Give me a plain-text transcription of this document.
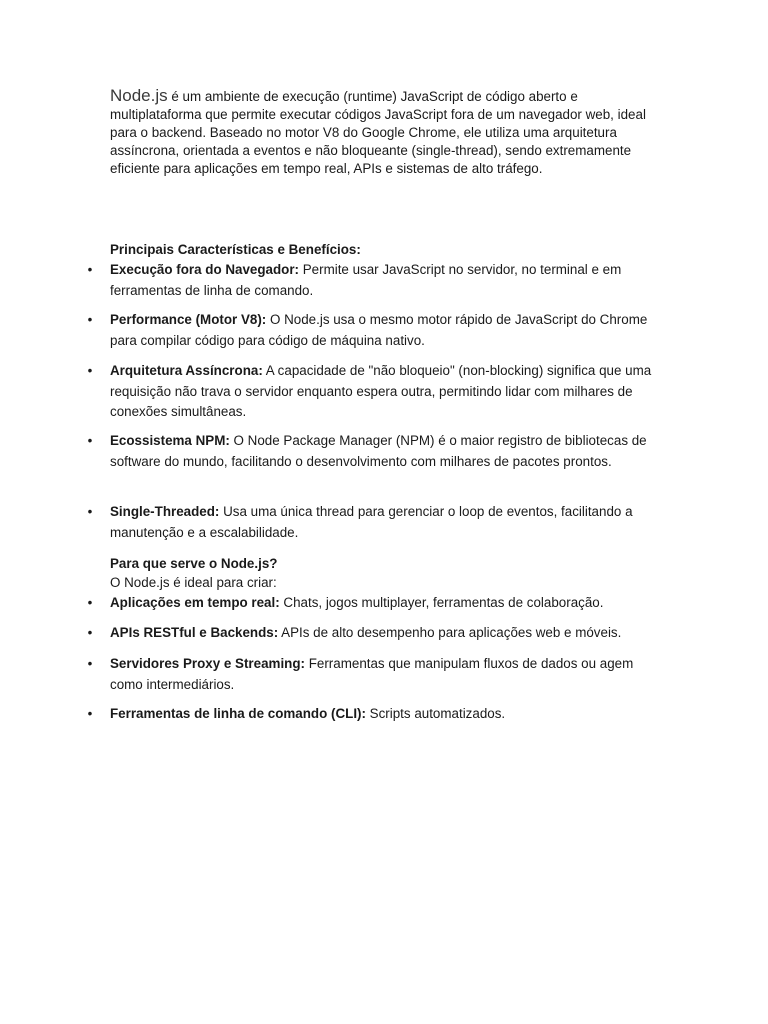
Node.js é um ambiente de execução (runtime) JavaScript de código aberto e multiplataforma que permite executar códigos JavaScript fora de um navegador web, ideal para o backend. Baseado no motor V8 do Google Chrome, ele utiliza uma arquitetura assíncrona, orientada a eventos e não bloqueante (single-thread), sendo extremamente eficiente para aplicações em tempo real, APIs e sistemas de alto tráfego.

Principais Características e Benefícios:
• Execução fora do Navegador: Permite usar JavaScript no servidor, no terminal e em ferramentas de linha de comando.
• Performance (Motor V8): O Node.js usa o mesmo motor rápido de JavaScript do Chrome para compilar código para código de máquina nativo.
• Arquitetura Assíncrona: A capacidade de "não bloqueio" (non-blocking) significa que uma requisição não trava o servidor enquanto espera outra, permitindo lidar com milhares de conexões simultâneas.
• Ecossistema NPM: O Node Package Manager (NPM) é o maior registro de bibliotecas de software do mundo, facilitando o desenvolvimento com milhares de pacotes prontos.
• Single-Threaded: Usa uma única thread para gerenciar o loop de eventos, facilitando a manutenção e a escalabilidade.
Para que serve o Node.js?
O Node.js é ideal para criar:
• Aplicações em tempo real: Chats, jogos multiplayer, ferramentas de colaboração.
• APIs RESTful e Backends: APIs de alto desempenho para aplicações web e móveis.
• Servidores Proxy e Streaming: Ferramentas que manipulam fluxos de dados ou agem como intermediários.
• Ferramentas de linha de comando (CLI): Scripts automatizados.
